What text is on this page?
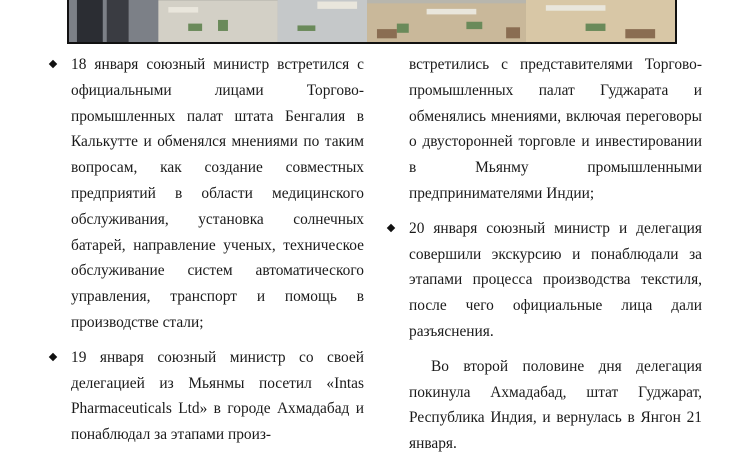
18 января союзный министр встретился с официальными лицами Торгово-промышленных палат штата Бенгалия в Калькутте и обменялся мнениями по таким вопросам, как создание совместных предприятий в области медицинского обслуживания, установка солнечных батарей, направление ученых, техническое обслуживание систем автоматического управления, транспорт и помощь в производстве стали;

19 января союзный министр со своей делегацией из Мьянмы посетил «Intas Pharmaceuticals Ltd» в городе Ахмадабад и понаблюдал за этапами произ-

встретились с представителями Торгово-промышленных палат Гуджарата и обменялись мнениями, включая переговоры о двусторонней торговле и инвестировании в Мьянму промышленными предпринимателями Индии;

20 января союзный министр и делегация совершили экскурсию и понаблюдали за этапами процесса производства текстиля, после чего официальные лица дали разъяснения.

Во второй половине дня делегация покинула Ахмадабад, штат Гуджарат, Республика Индия, и вернулась в Янгон 21 января.
